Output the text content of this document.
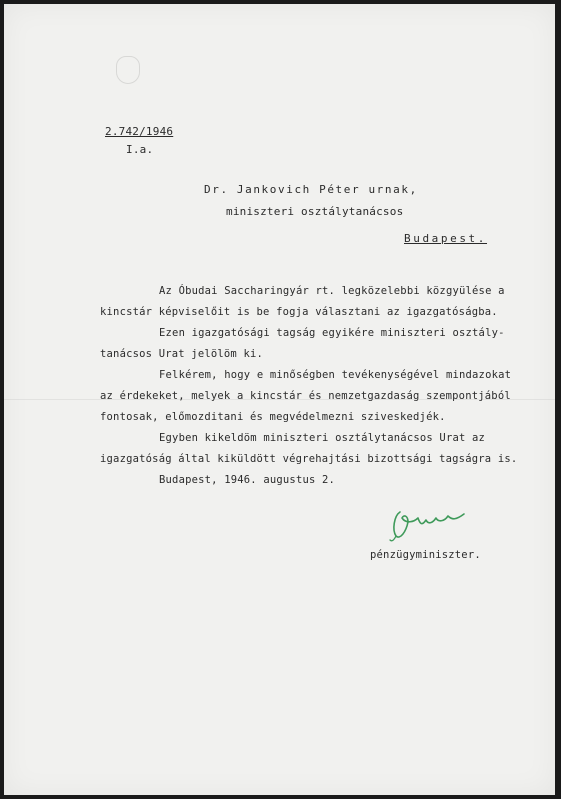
2.742/1946
I.a.
Dr. Jankovich Péter urnak,
miniszteri osztálytanácsos
Budapest.
Az Óbudai Saccharingyár rt. legközelebbi közgyülése a
kincstár képviselőit is be fogja választani az igazgatóságba.
Ezen igazgatósági tagság egyikére miniszteri osztály-
tanácsos Urat jelölöm ki.
Felkérem, hogy e minőségben tevékenységével mindazokat
az érdekeket, melyek a kincstár és nemzetgazdaság szempontjából
fontosak, előmozditani és megvédelmezni sziveskedjék.
Egyben kikeldöm miniszteri osztálytanácsos Urat az
igazgatóság által kiküldött végrehajtási bizottsági tagságra is.
Budapest, 1946. augustus 2.
pénzügyminiszter.
